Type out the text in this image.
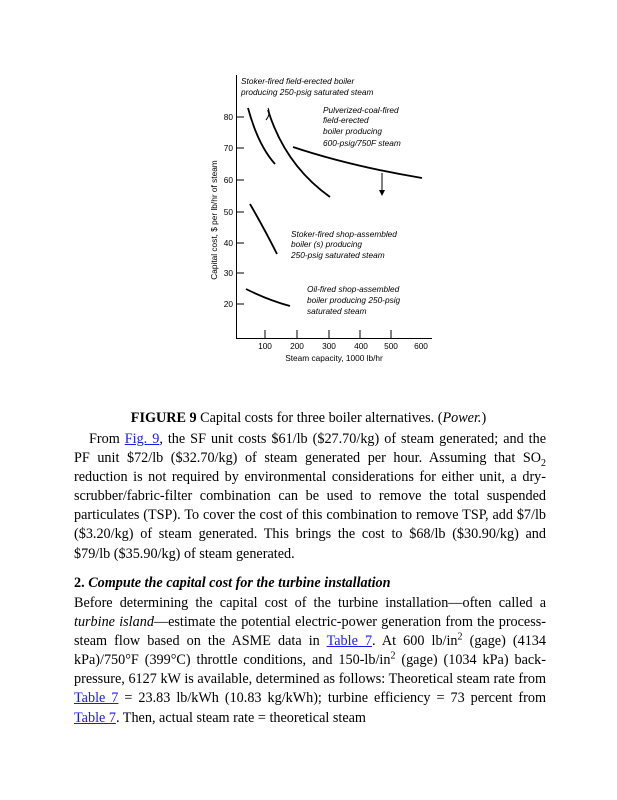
80
70
60
50
40
30
20
100 200 300 400 500 600
Steam capacity, 1000 lb/hr
Capital cost, $ per lb/hr of steam
Stoker-fired field-erected boiler
producing 250-psig saturated steam
Pulverized-coal-fired
field-erected
boiler producing
600-psig/750F steam
Stoker-fired shop-assembled
boiler (s) producing
250-psig saturated steam
Oil-fired shop-assembled
boiler producing 250-psig
saturated steam

FIGURE 9 Capital costs for three boiler alternatives. (Power.)

From Fig. 9, the SF unit costs $61/lb ($27.70/kg) of steam generated; and the PF unit $72/lb ($32.70/kg) of steam generated per hour. Assuming that $SO_2$ reduction is not required by environmental considerations for either unit, a dry-scrubber/fabric-filter combination can be used to remove the total suspended particulates (TSP). To cover the cost of this combination to remove TSP, add $7/lb ($3.20/kg) of steam generated. This brings the cost to $68/lb ($30.90/kg) and $79/lb ($35.90/kg) of steam generated.

2. Compute the capital cost for the turbine installation

Before determining the capital cost of the turbine installation—often called a turbine island—estimate the potential electric-power generation from the process-steam flow based on the ASME data in Table 7. At 600 $lb/in^2$ (gage) (4134 kPa)/750°F (399°C) throttle conditions, and $150-lb/in^2$ (gage) (1034 kPa) back-pressure, 6127 kW is available, determined as follows: Theoretical steam rate from Table 7 = 23.83 lb/kWh (10.83 kg/kWh); turbine efficiency = 73 percent from Table 7. Then, actual steam rate = theoretical steam
